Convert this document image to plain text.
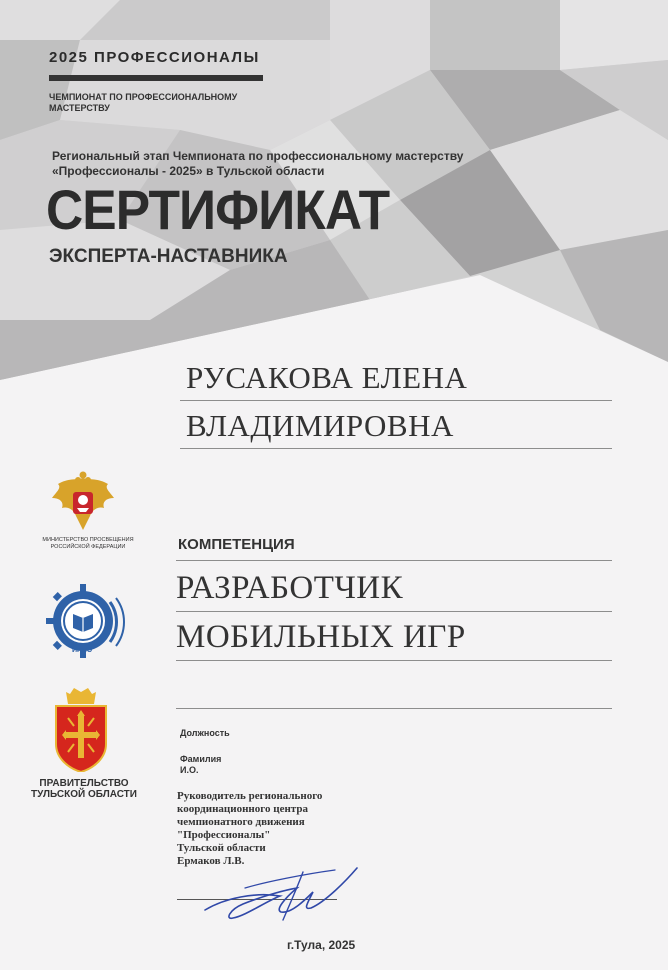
2025 ПРОФЕССИОНАЛЫ
ЧЕМПИОНАТ ПО ПРОФЕССИОНАЛЬНОМУ
МАСТЕРСТВУ
Региональный этап Чемпионата по профессиональному мастерству
«Профессионалы - 2025» в Тульской области
СЕРТИФИКАТ
ЭКСПЕРТА-НАСТАВНИКА
РУСАКОВА ЕЛЕНА
ВЛАДИМИРОВНА
КОМПЕТЕНЦИЯ
РАЗРАБОТЧИК
МОБИЛЬНЫХ ИГР
Должность
Фамилия
И.О.
Руководитель регионального
координационного центра
чемпионатного движения
"Профессионалы"
Тульской области
Ермаков Л.В.
г.Тула, 2025
МИНИСТЕРСТВО ПРОСВЕЩЕНИЯ
РОССИЙСКОЙ ФЕДЕРАЦИИ
ИРПО
ПРАВИТЕЛЬСТВО
ТУЛЬСКОЙ ОБЛАСТИ
